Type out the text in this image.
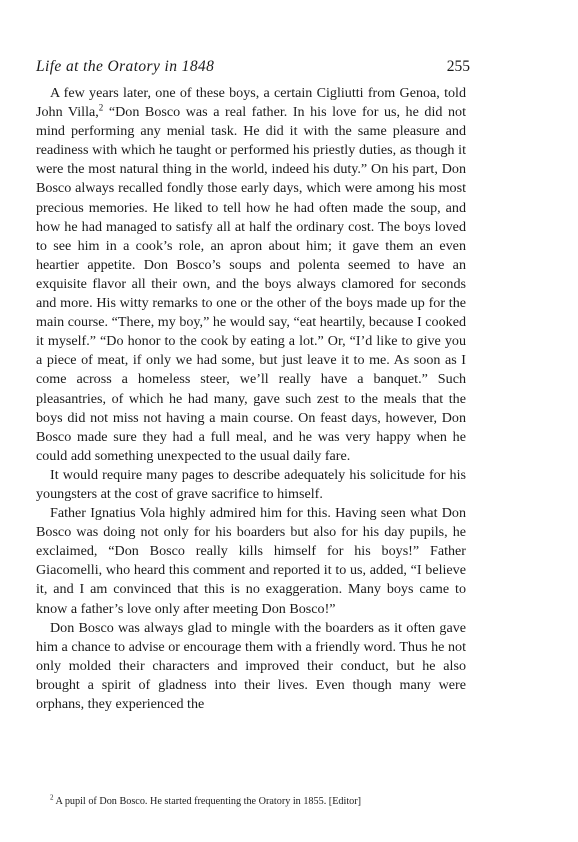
Life at the Oratory in 1848	255

A few years later, one of these boys, a certain Cigliutti from Genoa, told John Villa,$^2$ “Don Bosco was a real father. In his love for us, he did not mind performing any menial task. He did it with the same pleasure and readiness with which he taught or performed his priestly duties, as though it were the most natural thing in the world, indeed his duty.” On his part, Don Bosco always recalled fondly those early days, which were among his most precious memories. He liked to tell how he had often made the soup, and how he had managed to satisfy all at half the ordinary cost. The boys loved to see him in a cook’s role, an apron about him; it gave them an even heartier appetite. Don Bosco’s soups and polenta seemed to have an exquisite flavor all their own, and the boys always clamored for seconds and more. His witty remarks to one or the other of the boys made up for the main course. “There, my boy,” he would say, “eat heartily, because I cooked it myself.” “Do honor to the cook by eating a lot.” Or, “I’d like to give you a piece of meat, if only we had some, but just leave it to me. As soon as I come across a homeless steer, we’ll really have a banquet.” Such pleasantries, of which he had many, gave such zest to the meals that the boys did not miss not having a main course. On feast days, however, Don Bosco made sure they had a full meal, and he was very happy when he could add something unexpected to the usual daily fare.

It would require many pages to describe adequately his solicitude for his youngsters at the cost of grave sacrifice to himself.

Father Ignatius Vola highly admired him for this. Having seen what Don Bosco was doing not only for his boarders but also for his day pupils, he exclaimed, “Don Bosco really kills himself for his boys!” Father Giacomelli, who heard this comment and reported it to us, added, “I believe it, and I am convinced that this is no exaggeration. Many boys came to know a father’s love only after meeting Don Bosco!”

Don Bosco was always glad to mingle with the boarders as it often gave him a chance to advise or encourage them with a friendly word. Thus he not only molded their characters and improved their conduct, but he also brought a spirit of gladness into their lives. Even though many were orphans, they experienced the

$^2$ A pupil of Don Bosco. He started frequenting the Oratory in 1855. [Editor]
